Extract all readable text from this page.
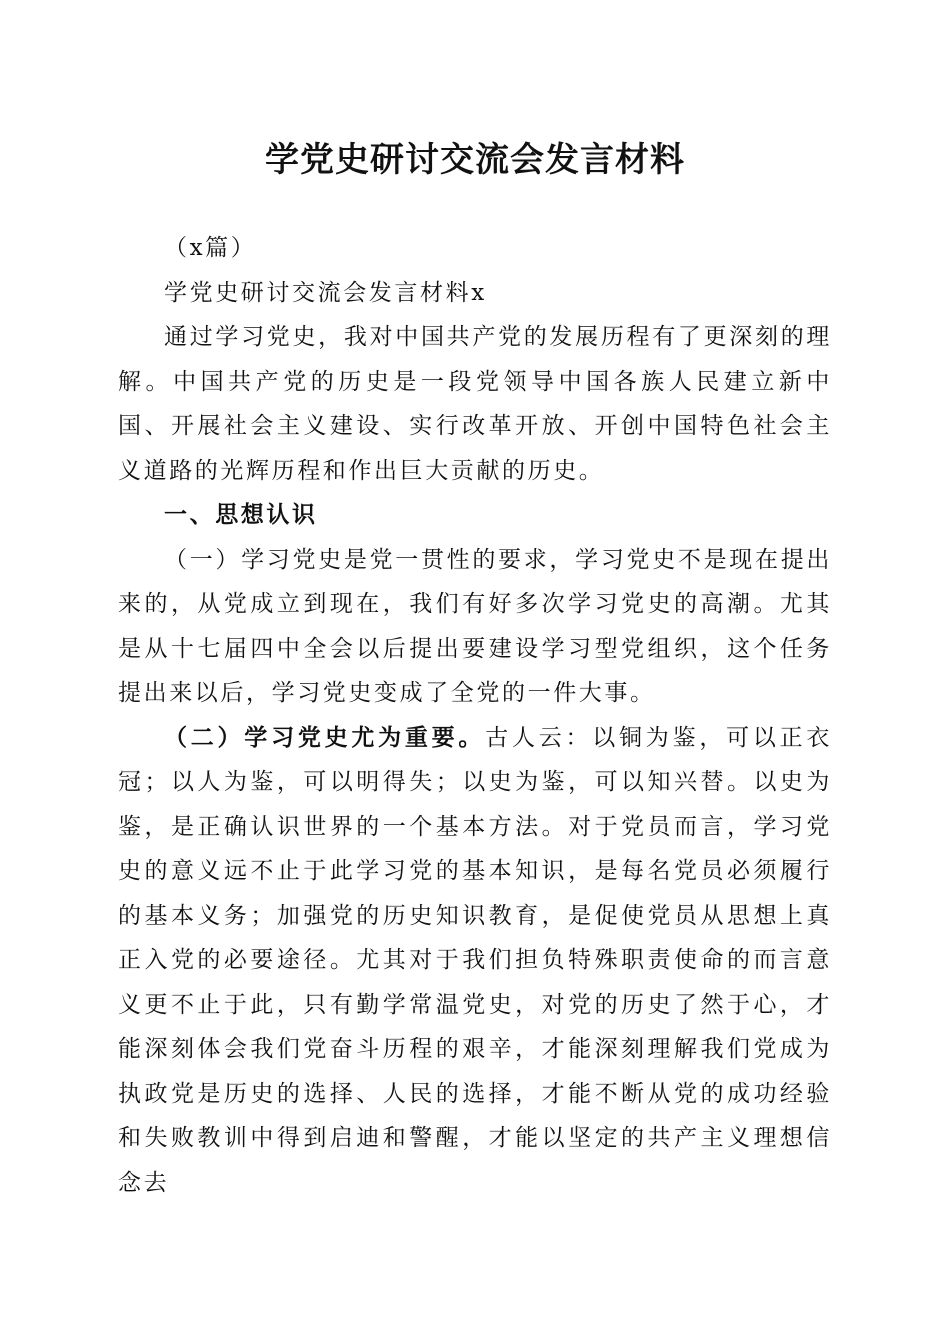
学党史研讨交流会发言材料

（x篇）

学党史研讨交流会发言材料x

通过学习党史，我对中国共产党的发展历程有了更深刻的理解。中国共产党的历史是一段党领导中国各族人民建立新中国、开展社会主义建设、实行改革开放、开创中国特色社会主义道路的光辉历程和作出巨大贡献的历史。

一、思想认识

（一）学习党史是党一贯性的要求，学习党史不是现在提出来的，从党成立到现在，我们有好多次学习党史的高潮。尤其是从十七届四中全会以后提出要建设学习型党组织，这个任务提出来以后，学习党史变成了全党的一件大事。

（二）学习党史尤为重要。古人云：以铜为鉴，可以正衣冠；以人为鉴，可以明得失；以史为鉴，可以知兴替。以史为鉴，是正确认识世界的一个基本方法。对于党员而言，学习党史的意义远不止于此学习党的基本知识，是每名党员必须履行的基本义务；加强党的历史知识教育，是促使党员从思想上真正入党的必要途径。尤其对于我们担负特殊职责使命的而言意义更不止于此，只有勤学常温党史，对党的历史了然于心，才能深刻体会我们党奋斗历程的艰辛，才能深刻理解我们党成为执政党是历史的选择、人民的选择，才能不断从党的成功经验和失败教训中得到启迪和警醒，才能以坚定的共产主义理想信念去
